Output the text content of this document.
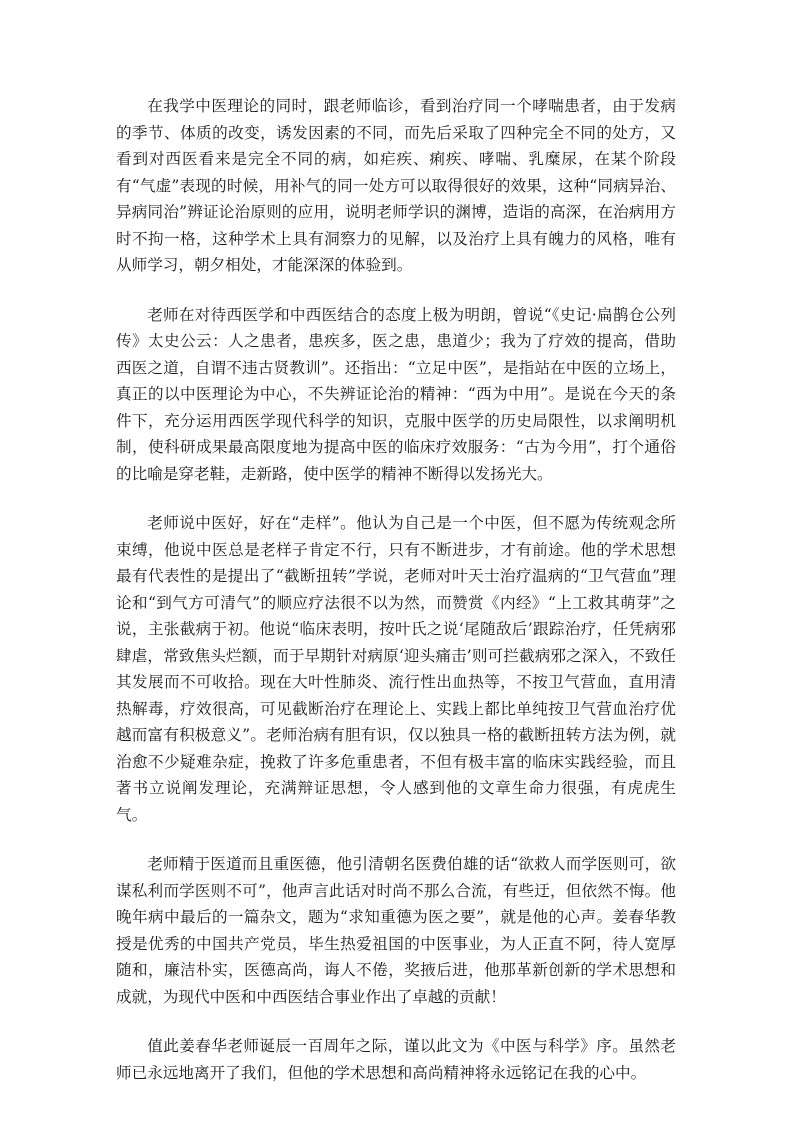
在我学中医理论的同时，跟老师临诊，看到治疗同一个哮喘患者，由于发病的季节、体质的改变，诱发因素的不同，而先后采取了四种完全不同的处方，又看到对西医看来是完全不同的病，如疟疾、痢疾、哮喘、乳糜尿，在某个阶段有“气虚”表现的时候，用补气的同一处方可以取得很好的效果，这种“同病异治、异病同治”辨证论治原则的应用，说明老师学识的渊博，造诣的高深，在治病用方时不拘一格，这种学术上具有洞察力的见解，以及治疗上具有魄力的风格，唯有从师学习，朝夕相处，才能深深的体验到。

老师在对待西医学和中西医结合的态度上极为明朗，曾说“《史记·扁鹊仓公列传》太史公云：人之患者，患疾多，医之患，患道少；我为了疗效的提高，借助西医之道，自谓不违古贤教训”。还指出：“立足中医”，是指站在中医的立场上，真正的以中医理论为中心，不失辨证论治的精神：“西为中用”。是说在今天的条件下，充分运用西医学现代科学的知识，克服中医学的历史局限性，以求阐明机制，使科研成果最高限度地为提高中医的临床疗效服务：“古为今用”，打个通俗的比喻是穿老鞋，走新路，使中医学的精神不断得以发扬光大。

老师说中医好，好在“走样”。他认为自己是一个中医，但不愿为传统观念所束缚，他说中医总是老样子肯定不行，只有不断进步，才有前途。他的学术思想最有代表性的是提出了“截断扭转”学说，老师对叶天士治疗温病的“卫气营血”理论和“到气方可清气”的顺应疗法很不以为然，而赞赏《内经》“上工救其萌芽”之说，主张截病于初。他说“临床表明，按叶氏之说‘尾随敌后’跟踪治疗，任凭病邪肆虐，常致焦头烂额，而于早期针对病原‘迎头痛击’则可拦截病邪之深入，不致任其发展而不可收拾。现在大叶性肺炎、流行性出血热等，不按卫气营血，直用清热解毒，疗效很高，可见截断治疗在理论上、实践上都比单纯按卫气营血治疗优越而富有积极意义”。老师治病有胆有识，仅以独具一格的截断扭转方法为例，就治愈不少疑难杂症，挽救了许多危重患者，不但有极丰富的临床实践经验，而且著书立说阐发理论，充满辩证思想，令人感到他的文章生命力很强，有虎虎生气。

老师精于医道而且重医德，他引清朝名医费伯雄的话“欲救人而学医则可，欲谋私利而学医则不可”，他声言此话对时尚不那么合流，有些迂，但依然不悔。他晚年病中最后的一篇杂文，题为“求知重德为医之要”，就是他的心声。姜春华教授是优秀的中国共产党员，毕生热爱祖国的中医事业，为人正直不阿，待人宽厚随和，廉洁朴实，医德高尚，诲人不倦，奖掖后进，他那革新创新的学术思想和成就，为现代中医和中西医结合事业作出了卓越的贡献！

值此姜春华老师诞辰一百周年之际，谨以此文为《中医与科学》序。虽然老师已永远地离开了我们，但他的学术思想和高尚精神将永远铭记在我的心中。
